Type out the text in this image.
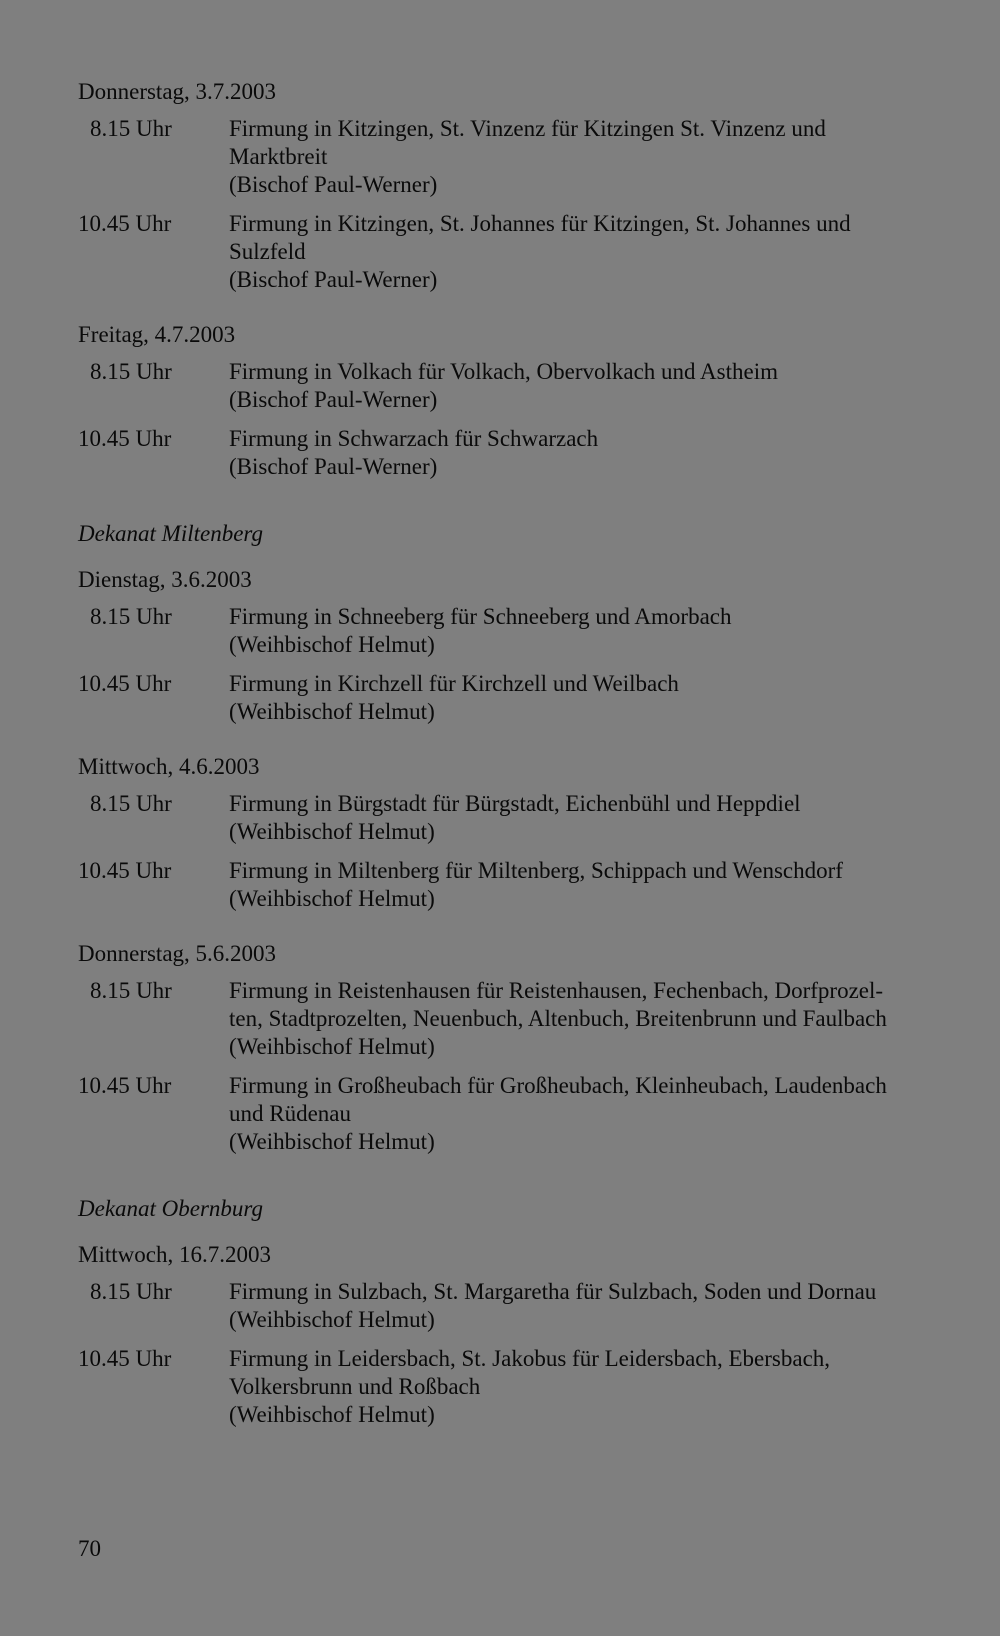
Donnerstag, 3.7.2003

8.15 Uhr	Firmung in Kitzingen, St. Vinzenz für Kitzingen St. Vinzenz und
Marktbreit
(Bischof Paul-Werner)
10.45 Uhr	Firmung in Kitzingen, St. Johannes für Kitzingen, St. Johannes und
Sulzfeld
(Bischof Paul-Werner)

Freitag, 4.7.2003

8.15 Uhr	Firmung in Volkach für Volkach, Obervolkach und Astheim
(Bischof Paul-Werner)
10.45 Uhr	Firmung in Schwarzach für Schwarzach
(Bischof Paul-Werner)

Dekanat Miltenberg

Dienstag, 3.6.2003

8.15 Uhr	Firmung in Schneeberg für Schneeberg und Amorbach
(Weihbischof Helmut)
10.45 Uhr	Firmung in Kirchzell für Kirchzell und Weilbach
(Weihbischof Helmut)

Mittwoch, 4.6.2003

8.15 Uhr	Firmung in Bürgstadt für Bürgstadt, Eichenbühl und Heppdiel
(Weihbischof Helmut)
10.45 Uhr	Firmung in Miltenberg für Miltenberg, Schippach und Wenschdorf
(Weihbischof Helmut)

Donnerstag, 5.6.2003

8.15 Uhr	Firmung in Reistenhausen für Reistenhausen, Fechenbach, Dorfprozel-
ten, Stadtprozelten, Neuenbuch, Altenbuch, Breitenbrunn und Faulbach
(Weihbischof Helmut)
10.45 Uhr	Firmung in Großheubach für Großheubach, Kleinheubach, Laudenbach
und Rüdenau
(Weihbischof Helmut)

Dekanat Obernburg

Mittwoch, 16.7.2003

8.15 Uhr	Firmung in Sulzbach, St. Margaretha für Sulzbach, Soden und Dornau
(Weihbischof Helmut)
10.45 Uhr	Firmung in Leidersbach, St. Jakobus für Leidersbach, Ebersbach,
Volkersbrunn und Roßbach
(Weihbischof Helmut)
70
